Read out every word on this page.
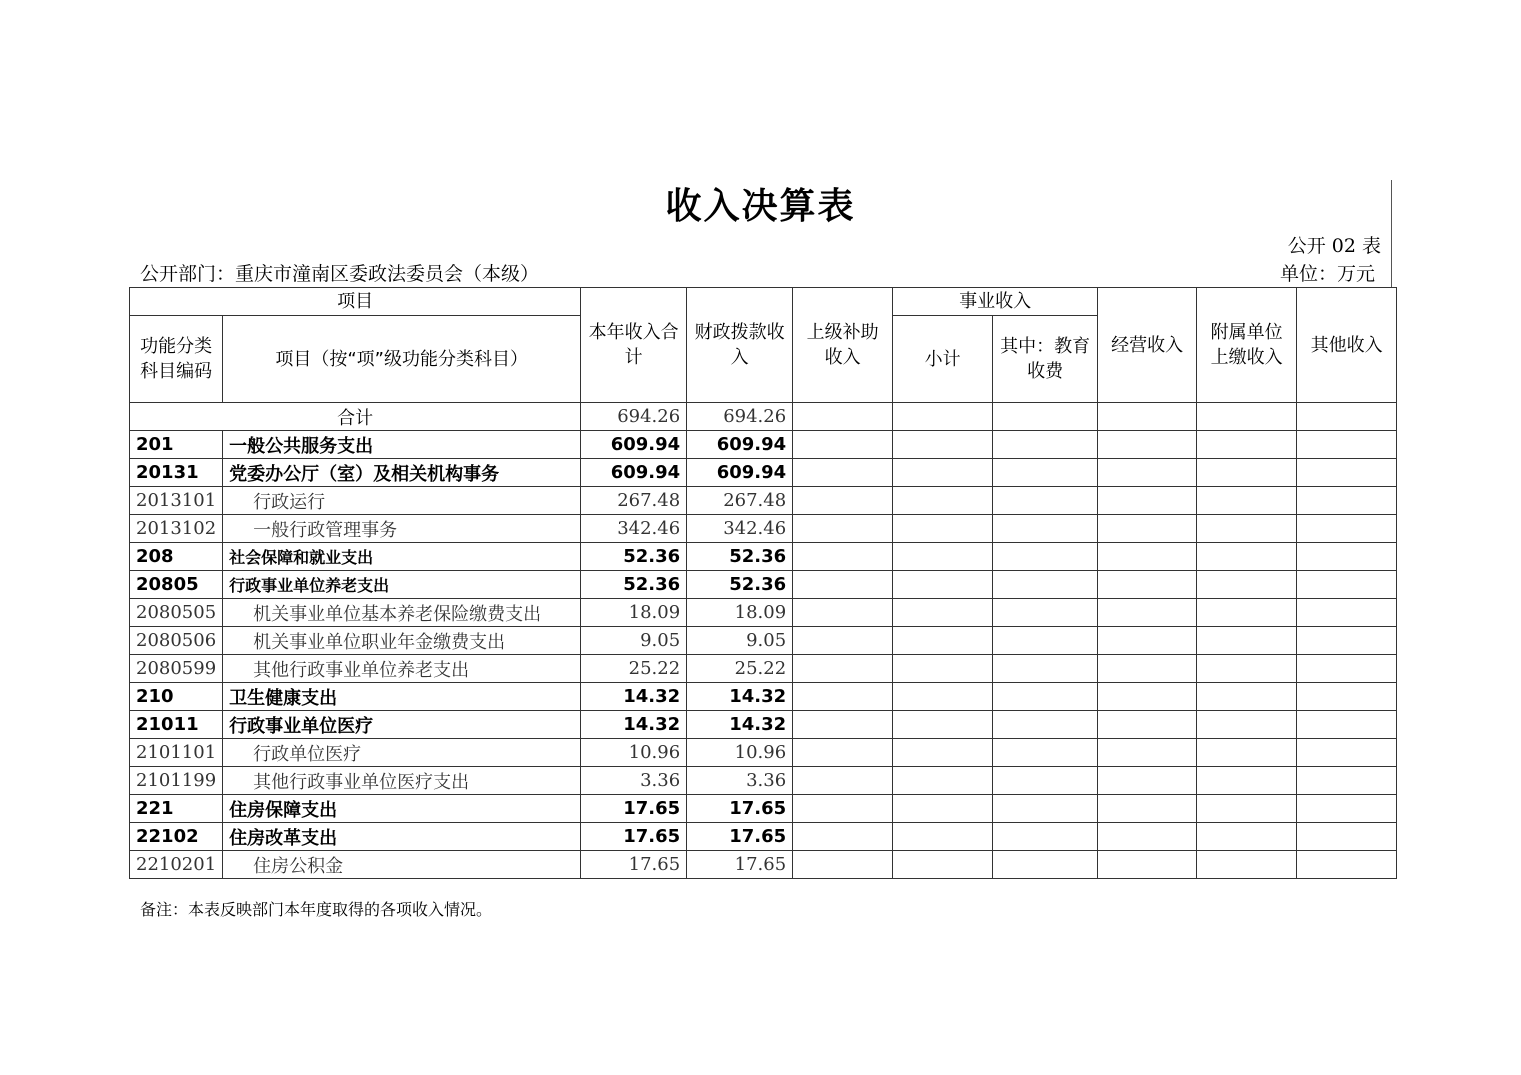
收入决算表
公开 02 表
公开部门：重庆市潼南区委政法委员会（本级）	单位：万元
项目		本年收入合计	财政拨款收入	上级补助收入	事业收入		经营收入	附属单位上缴收入	其他收入
功能分类科目编码	项目（按“项”级功能分类科目）				小计	其中：教育收费			
合计		694.26	694.26						
201	一般公共服务支出	609.94	609.94						
20131	党委办公厅（室）及相关机构事务	609.94	609.94						
2013101	行政运行	267.48	267.48						
2013102	一般行政管理事务	342.46	342.46						
208	社会保障和就业支出	52.36	52.36						
20805	行政事业单位养老支出	52.36	52.36						
2080505	机关事业单位基本养老保险缴费支出	18.09	18.09						
2080506	机关事业单位职业年金缴费支出	9.05	9.05						
2080599	其他行政事业单位养老支出	25.22	25.22						
210	卫生健康支出	14.32	14.32						
21011	行政事业单位医疗	14.32	14.32						
2101101	行政单位医疗	10.96	10.96						
2101199	其他行政事业单位医疗支出	3.36	3.36						
221	住房保障支出	17.65	17.65						
22102	住房改革支出	17.65	17.65						
2210201	住房公积金	17.65	17.65						
备注：本表反映部门本年度取得的各项收入情况。
